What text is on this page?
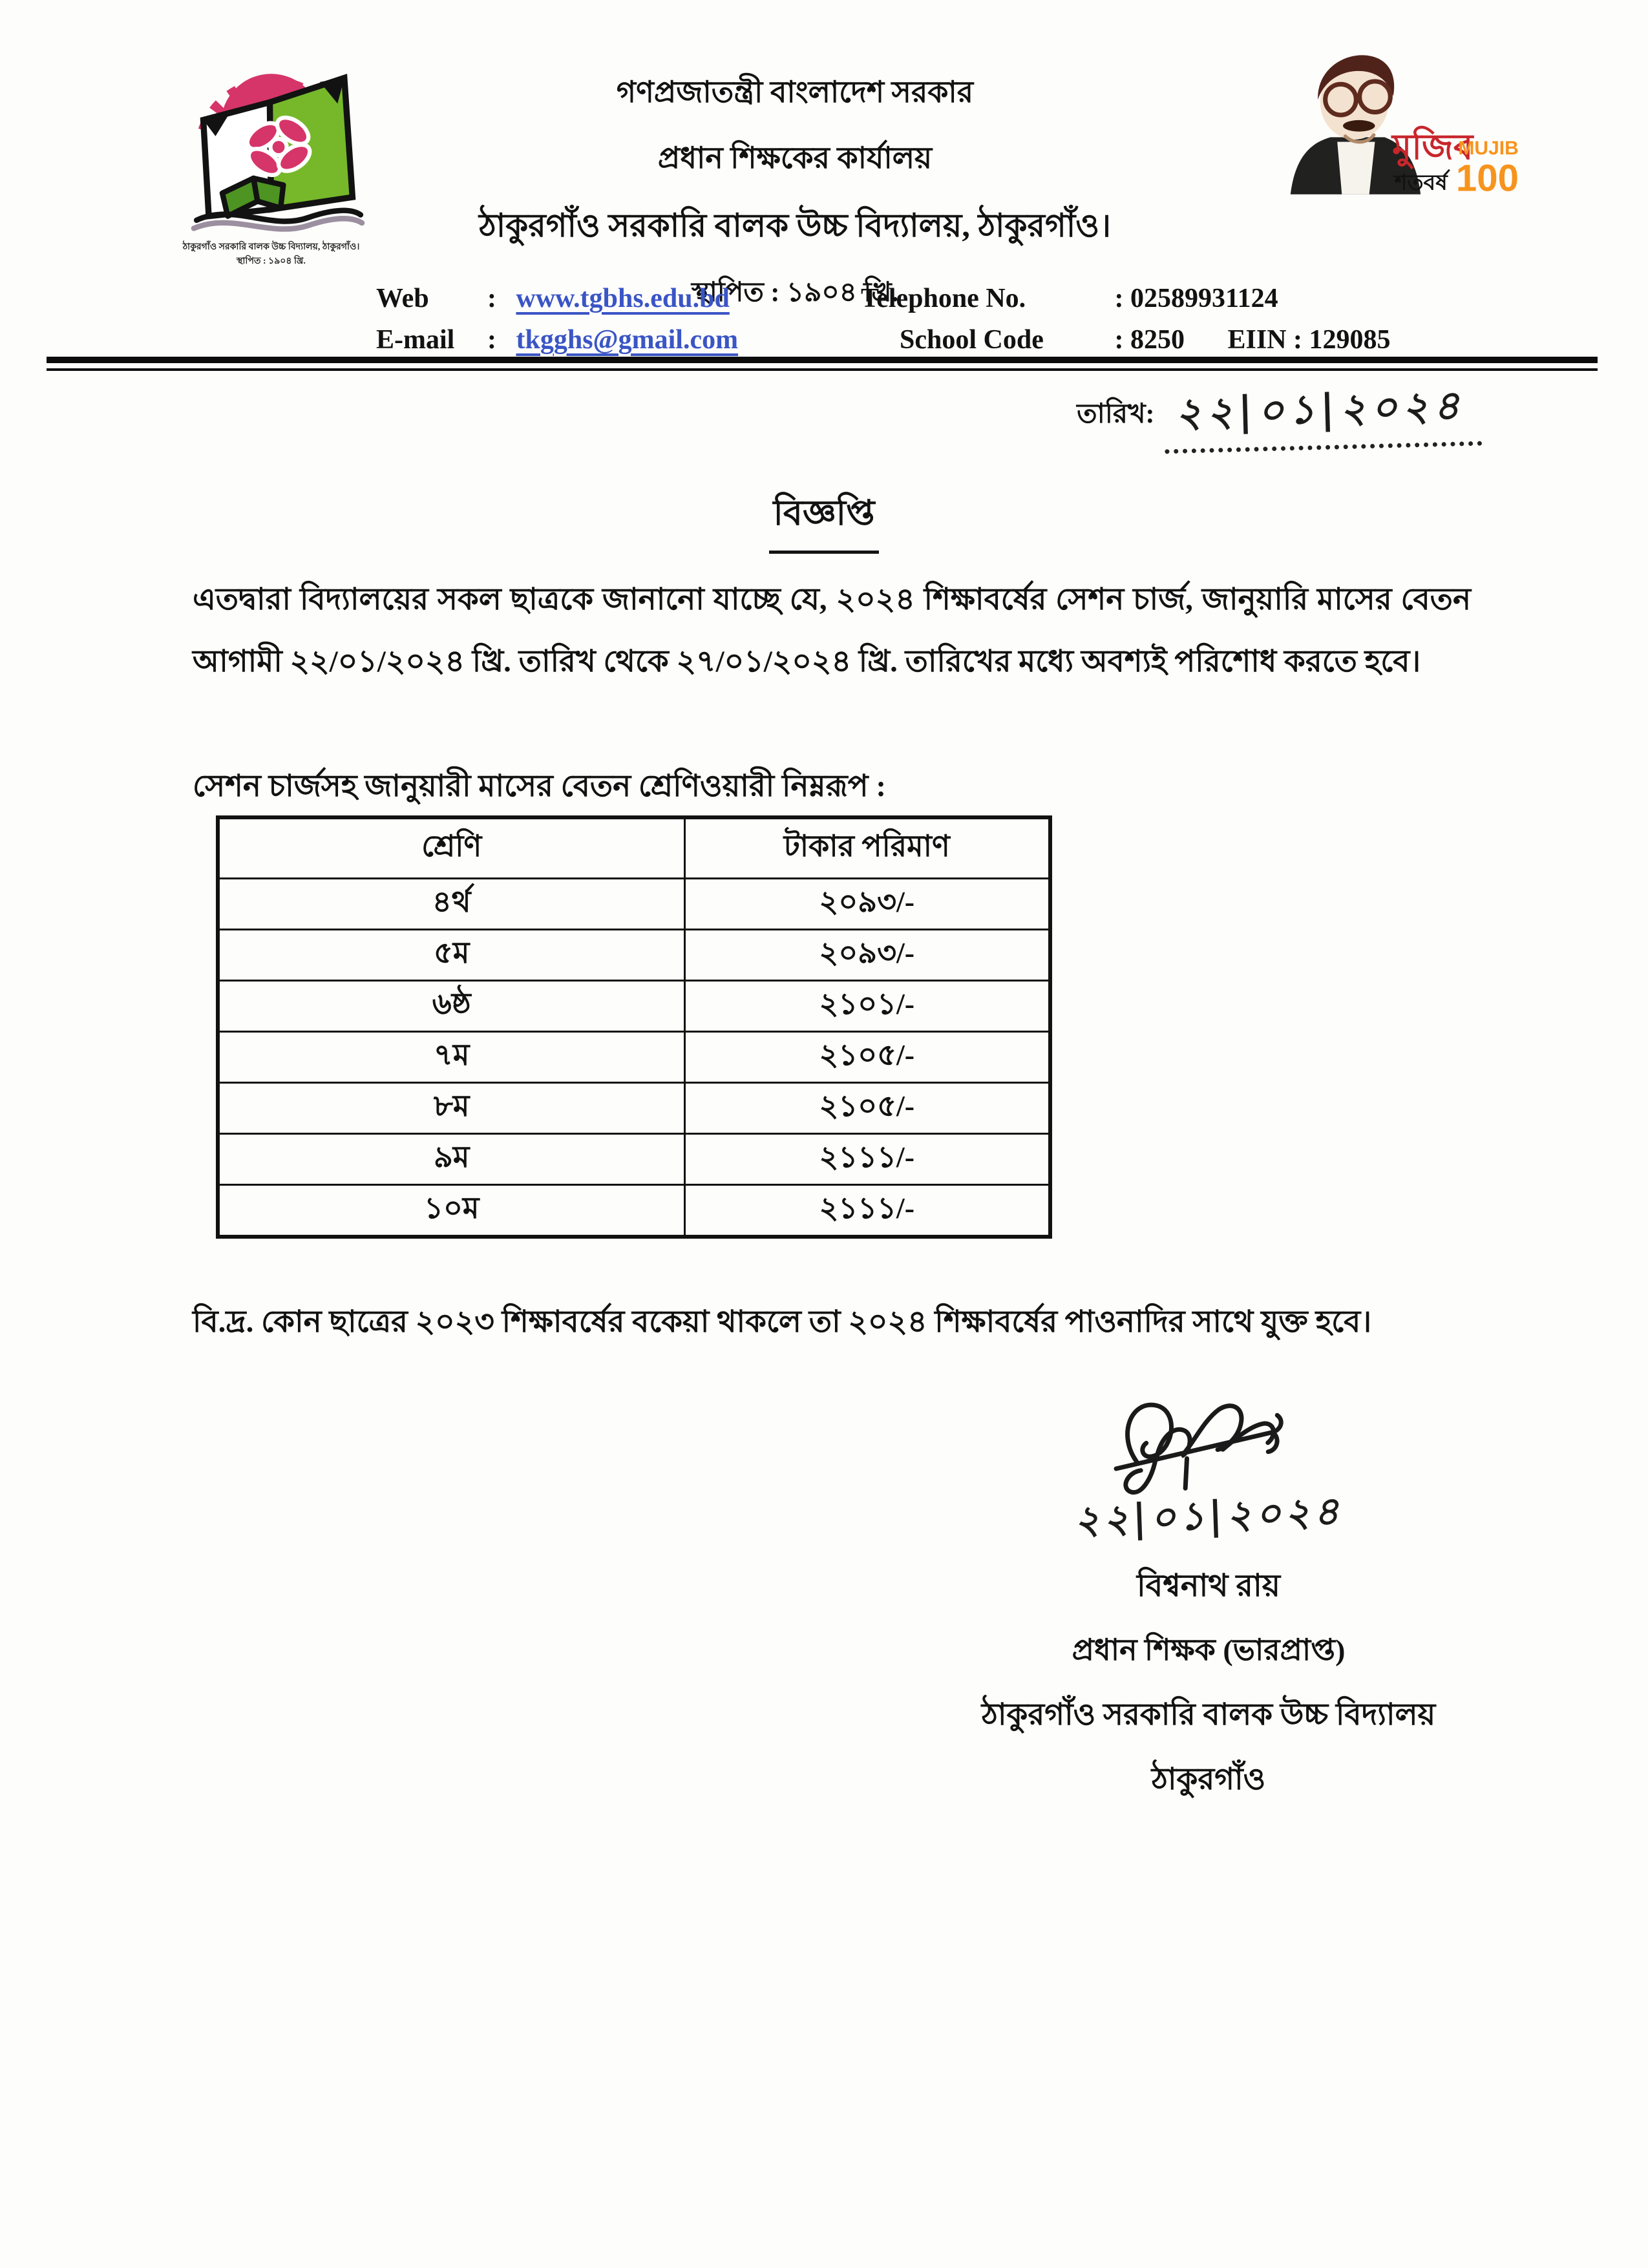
ঠাকুরগাঁও সরকারি বালক উচ্চ বিদ্যালয়, ঠাকুরগাঁও।
স্থাপিত : ১৯০৪ খ্রি.
গণপ্রজাতন্ত্রী বাংলাদেশ সরকার
প্রধান শিক্ষকের কার্যালয়
ঠাকুরগাঁও সরকারি বালক উচ্চ বিদ্যালয়, ঠাকুরগাঁও।
স্থাপিত : ১৯০৪ খ্রি.
মুজিব
শতবর্ষ
MUJIB
100
Web : www.tgbhs.edu.bd
E-mail : tkgghs@gmail.com
Telephone No.	: 02589931124
School Code	: 8250 EIIN : 129085
তারিখ: ২২|০১|২০২৪
বিজ্ঞপ্তি

এতদ্বারা বিদ্যালয়ের সকল ছাত্রকে জানানো যাচ্ছে যে, ২০২৪ শিক্ষাবর্ষের সেশন চার্জ, জানুয়ারি মাসের বেতন আগামী ২২/০১/২০২৪ খ্রি. তারিখ থেকে ২৭/০১/২০২৪ খ্রি. তারিখের মধ্যে অবশ্যই পরিশোধ করতে হবে।

সেশন চার্জসহ জানুয়ারী মাসের বেতন শ্রেণিওয়ারী নিম্নরূপ :
শ্রেণি	টাকার পরিমাণ
৪র্থ	২০৯৩/-
৫ম	২০৯৩/-
৬ষ্ঠ	২১০১/-
৭ম	২১০৫/-
৮ম	২১০৫/-
৯ম	২১১১/-
১০ম	২১১১/-

বি.দ্র. কোন ছাত্রের ২০২৩ শিক্ষাবর্ষের বকেয়া থাকলে তা ২০২৪ শিক্ষাবর্ষের পাওনাদির সাথে যুক্ত হবে।

২২|০১|২০২৪
বিশ্বনাথ রায়
প্রধান শিক্ষক (ভারপ্রাপ্ত)
ঠাকুরগাঁও সরকারি বালক উচ্চ বিদ্যালয়
ঠাকুরগাঁও
